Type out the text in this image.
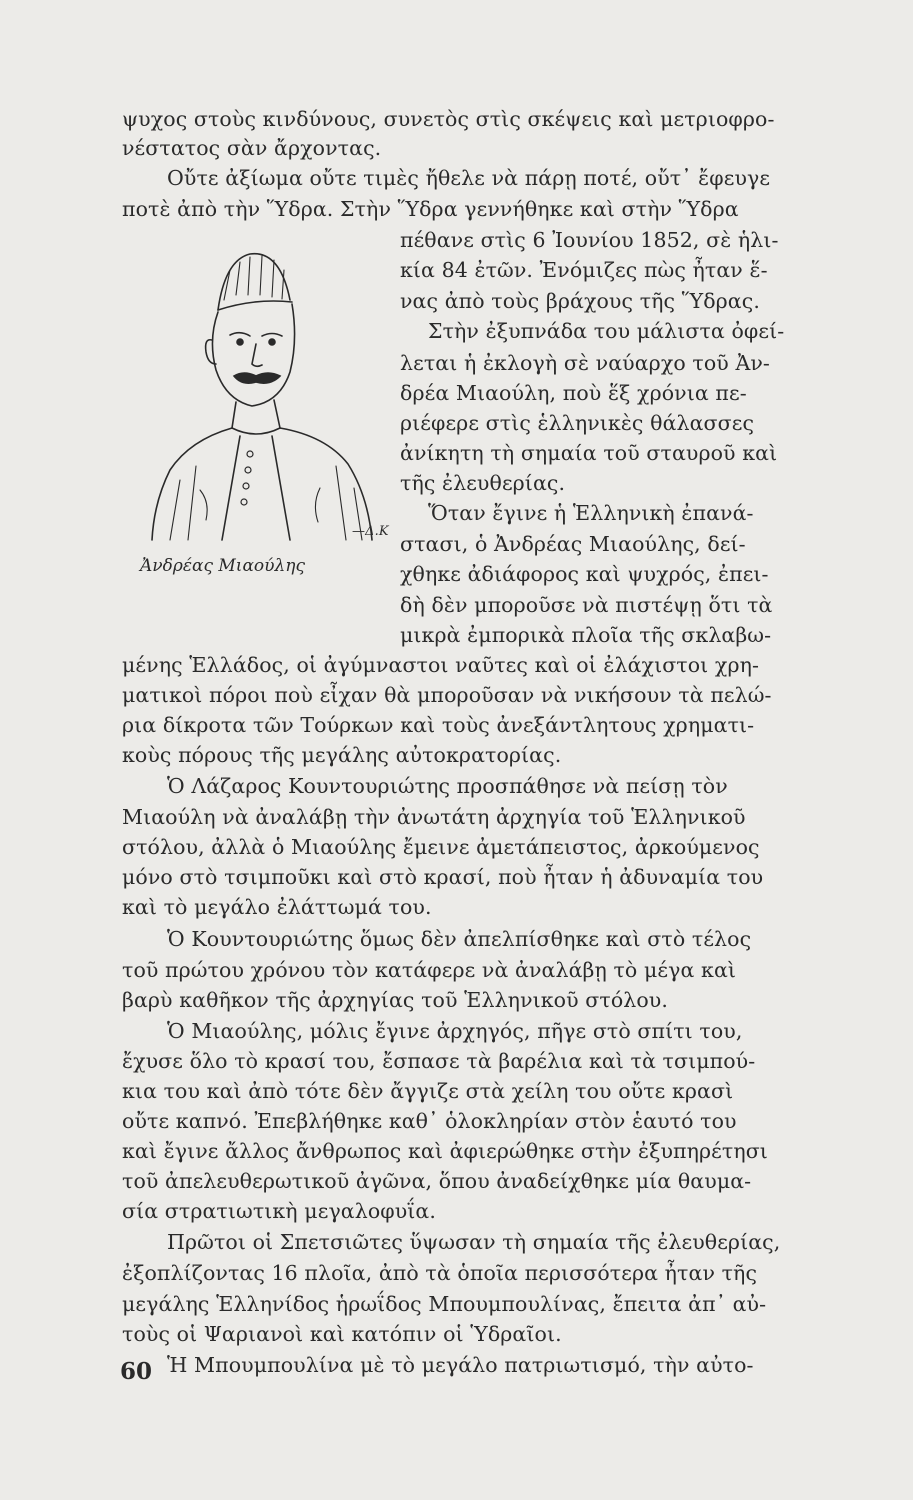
ψυχος στοὺς κινδύνους, συνετὸς στὶς σκέψεις καὶ μετριοφρο-
νέστατος σὰν ἄρχοντας.
Οὔτε ἀξίωμα οὔτε τιμὲς ἤθελε νὰ πάρῃ ποτέ, οὔτ᾽ ἔφευγε
ποτὲ ἀπὸ τὴν Ὕδρα. Στὴν Ὕδρα γεννήθηκε καὶ στὴν Ὕδρα
πέθανε στὶς 6 Ἰουνίου 1852, σὲ ἡλι-
κία 84 ἐτῶν. Ἐνόμιζες πὼς ἦταν ἕ-
νας ἀπὸ τοὺς βράχους τῆς Ὕδρας.
Στὴν ἐξυπνάδα του μάλιστα ὀφεί-
λεται ἡ ἐκλογὴ σὲ ναύαρχο τοῦ Ἀν-
δρέα Μιαούλη, ποὺ ἕξ χρόνια πε-
ριέφερε στὶς ἑλληνικὲς θάλασσες
ἀνίκητη τὴ σημαία τοῦ σταυροῦ καὶ
τῆς ἐλευθερίας.
Ὅταν ἔγινε ἡ Ἑλληνικὴ ἐπανά-
στασι, ὁ Ἀνδρέας Μιαούλης, δεί-
χθηκε ἀδιάφορος καὶ ψυχρός, ἐπει-
δὴ δὲν μποροῦσε νὰ πιστέψῃ ὅτι τὰ
μικρὰ ἐμπορικὰ πλοῖα τῆς σκλαβω-
μένης Ἑλλάδος, οἱ ἀγύμναστοι ναῦτες καὶ οἱ ἐλάχιστοι χρη-
ματικοὶ πόροι ποὺ εἶχαν θὰ μποροῦσαν νὰ νικήσουν τὰ πελώ-
ρια δίκροτα τῶν Τούρκων καὶ τοὺς ἀνεξάντλητους χρηματι-
κοὺς πόρους τῆς μεγάλης αὐτοκρατορίας.
Ὁ Λάζαρος Κουντουριώτης προσπάθησε νὰ πείσῃ τὸν
Μιαούλη νὰ ἀναλάβῃ τὴν ἀνωτάτη ἀρχηγία τοῦ Ἑλληνικοῦ
στόλου, ἀλλὰ ὁ Μιαούλης ἔμεινε ἀμετάπειστος, ἀρκούμενος
μόνο στὸ τσιμποῦκι καὶ στὸ κρασί, ποὺ ἦταν ἡ ἀδυναμία του
καὶ τὸ μεγάλο ἐλάττωμά του.
Ὁ Κουντουριώτης ὅμως δὲν ἀπελπίσθηκε καὶ στὸ τέλος
τοῦ πρώτου χρόνου τὸν κατάφερε νὰ ἀναλάβῃ τὸ μέγα καὶ
βαρὺ καθῆκον τῆς ἀρχηγίας τοῦ Ἑλληνικοῦ στόλου.
Ὁ Μιαούλης, μόλις ἔγινε ἀρχηγός, πῆγε στὸ σπίτι του,
ἔχυσε ὅλο τὸ κρασί του, ἔσπασε τὰ βαρέλια καὶ τὰ τσιμπού-
κια του καὶ ἀπὸ τότε δὲν ἄγγιζε στὰ χείλη του οὔτε κρασὶ
οὔτε καπνό. Ἐπεβλήθηκε καθ᾽ ὁλοκληρίαν στὸν ἑαυτό του
καὶ ἔγινε ἄλλος ἄνθρωπος καὶ ἀφιερώθηκε στὴν ἐξυπηρέτησι
τοῦ ἀπελευθερωτικοῦ ἀγῶνα, ὅπου ἀναδείχθηκε μία θαυμα-
σία στρατιωτικὴ μεγαλοφυΐα.
Πρῶτοι οἱ Σπετσιῶτες ὕψωσαν τὴ σημαία τῆς ἐλευθερίας,
ἐξοπλίζοντας 16 πλοῖα, ἀπὸ τὰ ὁποῖα περισσότερα ἦταν τῆς
μεγάλης Ἑλληνίδος ἡρωΐδος Μπουμπουλίνας, ἔπειτα ἀπ᾽ αὐ-
τοὺς οἱ Ψαριανοὶ καὶ κατόπιν οἱ Ὑδραῖοι.
Ἡ Μπουμπουλίνα μὲ τὸ μεγάλο πατριωτισμό, τὴν αὐτο-
—Δ.Κ
Ἀνδρέας Μιαούλης
60
